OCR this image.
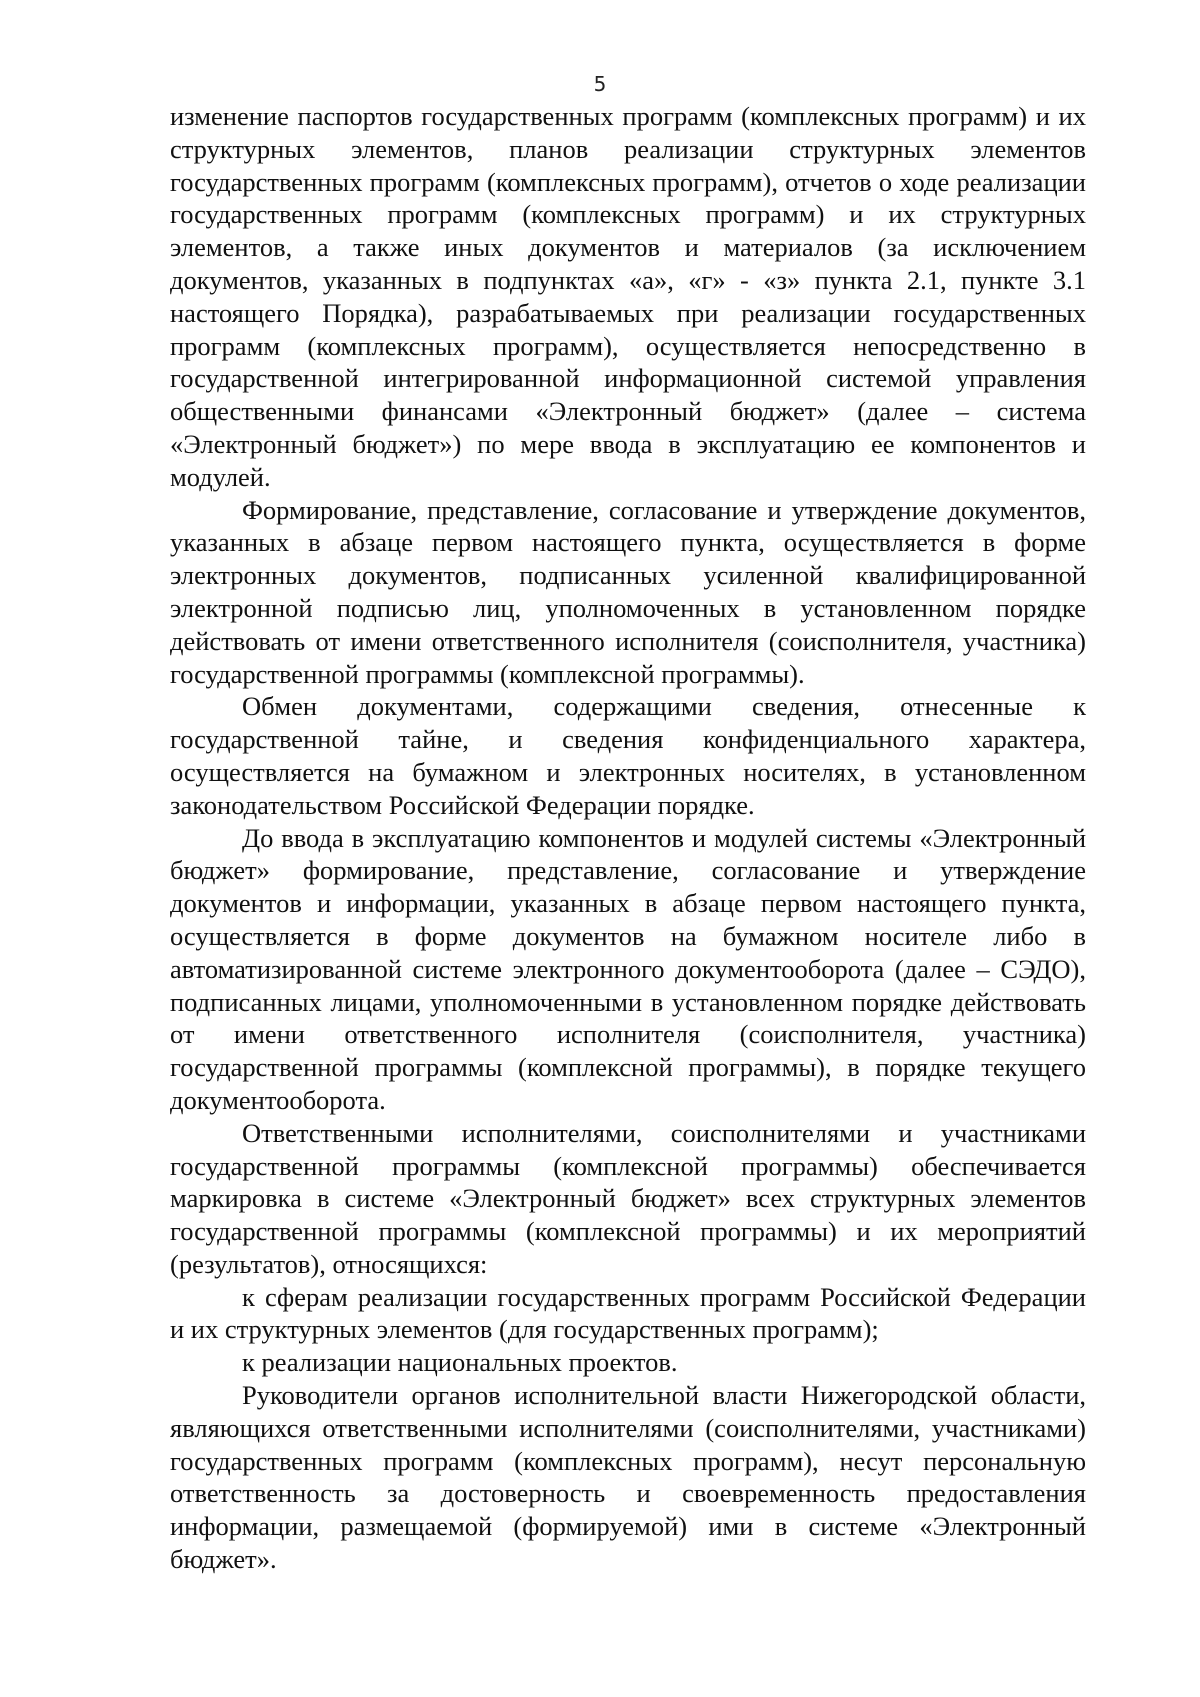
5

изменение паспортов государственных программ (комплексных программ) и их структурных элементов, планов реализации структурных элементов государственных программ (комплексных программ), отчетов о ходе реализации государственных программ (комплексных программ) и их структурных элементов, а также иных документов и материалов (за исключением документов, указанных в подпунктах «а», «г» - «з» пункта 2.1, пункте 3.1 настоящего Порядка), разрабатываемых при реализации государственных программ (комплексных программ), осуществляется непосредственно в государственной интегрированной информационной системой управления общественными финансами «Электронный бюджет» (далее – система «Электронный бюджет») по мере ввода в эксплуатацию ее компонентов и модулей.

Формирование, представление, согласование и утверждение документов, указанных в абзаце первом настоящего пункта, осуществляется в форме электронных документов, подписанных усиленной квалифицированной электронной подписью лиц, уполномоченных в установленном порядке действовать от имени ответственного исполнителя (соисполнителя, участника) государственной программы (комплексной программы).

Обмен документами, содержащими сведения, отнесенные к государственной тайне, и сведения конфиденциального характера, осуществляется на бумажном и электронных носителях, в установленном законодательством Российской Федерации порядке.

До ввода в эксплуатацию компонентов и модулей системы «Электронный бюджет» формирование, представление, согласование и утверждение документов и информации, указанных в абзаце первом настоящего пункта, осуществляется в форме документов на бумажном носителе либо в автоматизированной системе электронного документооборота (далее – СЭДО), подписанных лицами, уполномоченными в установленном порядке действовать от имени ответственного исполнителя (соисполнителя, участника) государственной программы (комплексной программы), в порядке текущего документооборота.

Ответственными исполнителями, соисполнителями и участниками государственной программы (комплексной программы) обеспечивается маркировка в системе «Электронный бюджет» всех структурных элементов государственной программы (комплексной программы) и их мероприятий (результатов), относящихся:

к сферам реализации государственных программ Российской Федерации и их структурных элементов (для государственных программ);

к реализации национальных проектов.

Руководители органов исполнительной власти Нижегородской области, являющихся ответственными исполнителями (соисполнителями, участниками) государственных программ (комплексных программ), несут персональную ответственность за достоверность и своевременность предоставления информации, размещаемой (формируемой) ими в системе «Электронный бюджет».
